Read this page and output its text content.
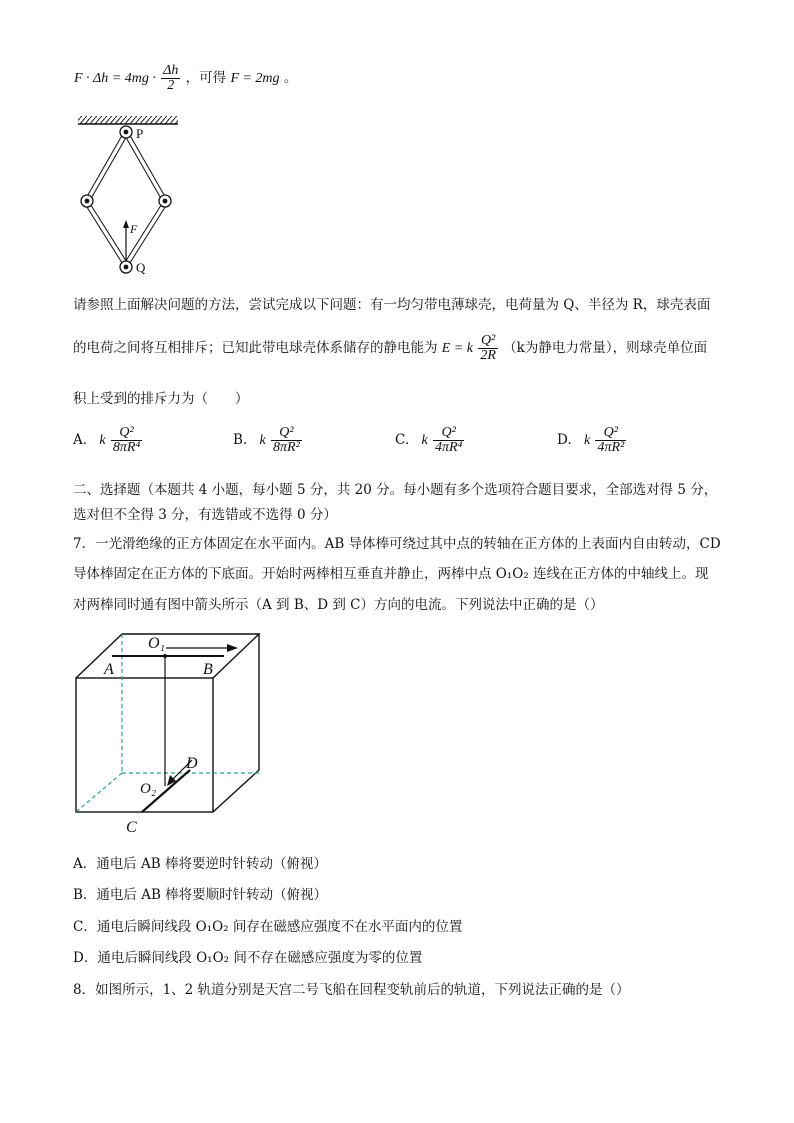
$F \cdot \Delta h = 4mg \cdot \frac{\Delta h}{2}$ ，可得 F = 2mg 。
P
F
Q
请参照上面解决问题的方法，尝试完成以下问题：有一均匀带电薄球壳，电荷量为 Q、半径为 R，球壳表面
的电荷之间将互相排斥；已知此带电球壳体系储存的静电能为 E = k $\frac{\text{Q²}}{2R} (k$为静电力常量），则球壳单位面
积上受到的排斥力为（　　）
A. k $\frac{\text{Q²}}{\text{8πR⁴}}$	B. k $\frac{\text{Q²}}{\text{8πR²}}$	C. k $\frac{\text{Q²}}{\text{4πR⁴}}$	D. k $\frac{\text{Q²}}{\text{4πR²}}$
二、选择题（本题共 4 小题，每小题 5 分，共 20 分。每小题有多个选项符合题目要求，全部选对得 5 分，
选对但不全得 3 分，有选错或不选得 0 分）
7．一光滑绝缘的正方体固定在水平面内。AB 导体棒可绕过其中点的转轴在正方体的上表面内自由转动，CD
导体棒固定在正方体的下底面。开始时两棒相互垂直并静止，两棒中点 O₁O₂ 连线在正方体的中轴线上。现
对两棒同时通有图中箭头所示（A 到 B、D 到 C）方向的电流。下列说法中正确的是（）
O₁
A	B
D
O₂
C
A．通电后 AB 棒将要逆时针转动（俯视）
B．通电后 AB 棒将要顺时针转动（俯视）
C．通电后瞬间线段 O₁O₂ 间存在磁感应强度不在水平面内的位置
D．通电后瞬间线段 O₁O₂ 间不存在磁感应强度为零的位置
8．如图所示，1、2 轨道分别是天宫二号飞船在回程变轨前后的轨道，下列说法正确的是（）
